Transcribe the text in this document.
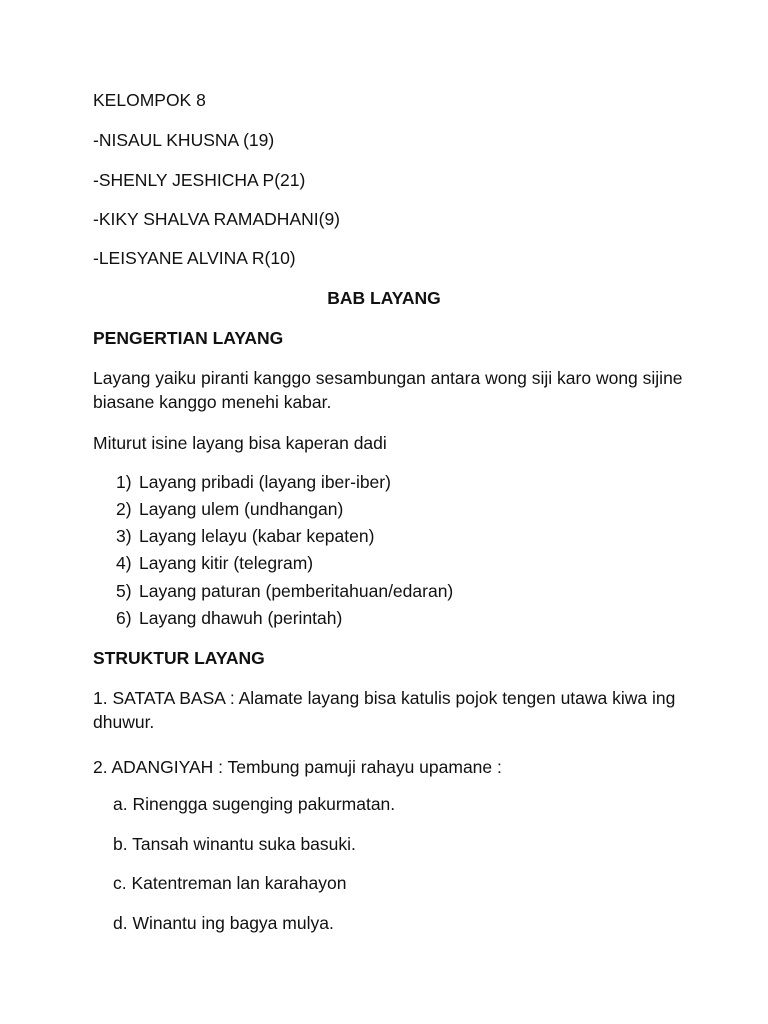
KELOMPOK 8

-NISAUL KHUSNA (19)

-SHENLY JESHICHA P(21)

-KIKY SHALVA RAMADHANI(9)

-LEISYANE ALVINA R(10)

BAB LAYANG

PENGERTIAN LAYANG

Layang yaiku piranti kanggo sesambungan antara wong siji karo wong sijine biasane kanggo menehi kabar.

Miturut isine layang bisa kaperan dadi

1) Layang pribadi (layang iber-iber)

2) Layang ulem (undhangan)

3) Layang lelayu (kabar kepaten)

4) Layang kitir (telegram)

5) Layang paturan (pemberitahuan/edaran)

6) Layang dhawuh (perintah)

STRUKTUR LAYANG

1. SATATA BASA : Alamate layang bisa katulis pojok tengen utawa kiwa ing dhuwur.

2. ADANGIYAH : Tembung pamuji rahayu upamane :

a. Rinengga sugenging pakurmatan.

b. Tansah winantu suka basuki.

c. Katentreman lan karahayon

d. Winantu ing bagya mulya.
